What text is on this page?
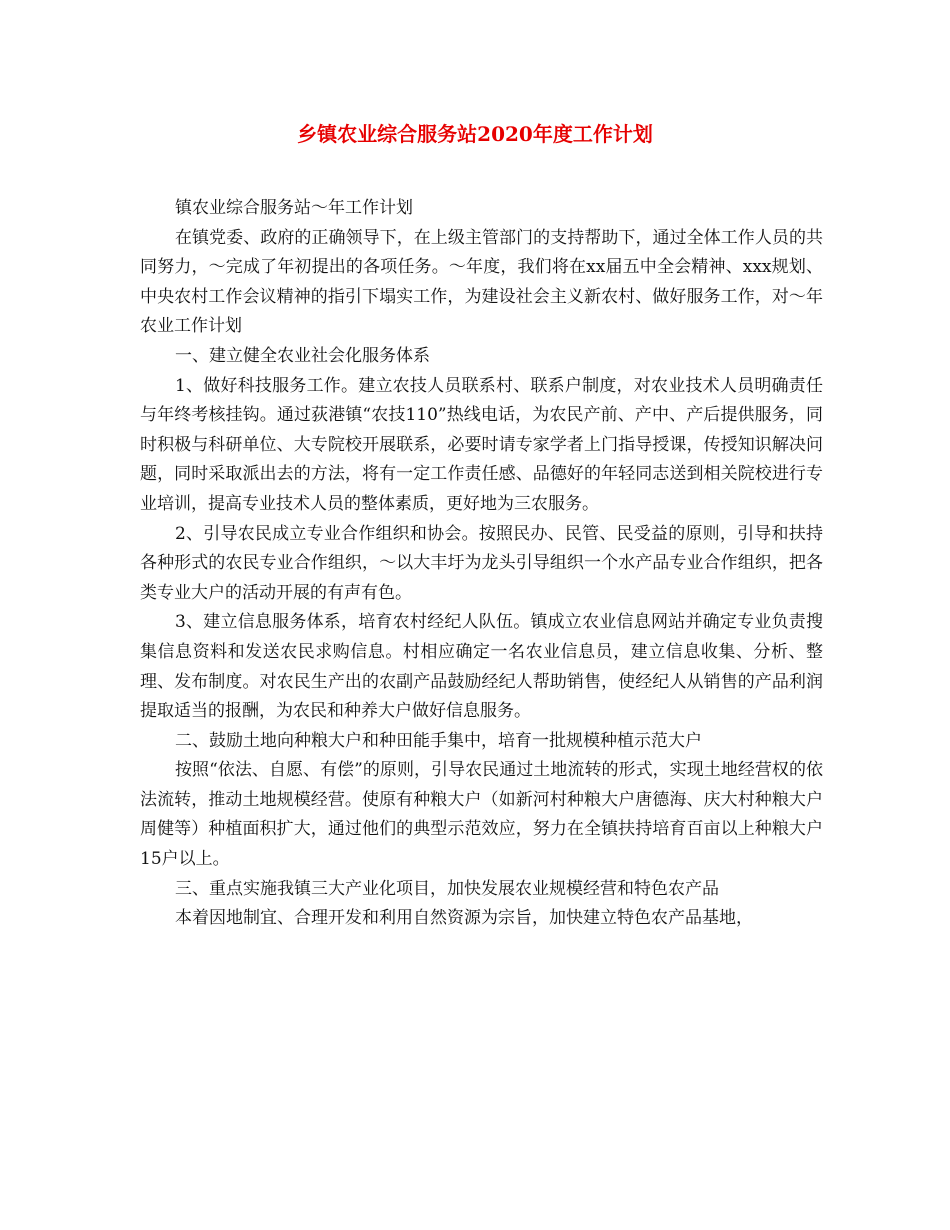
乡镇农业综合服务站2020年度工作计划

镇农业综合服务站～年工作计划

在镇党委、政府的正确领导下，在上级主管部门的支持帮助下，通过全体工作人员的共同努力，～完成了年初提出的各项任务。～年度，我们将在xx届五中全会精神、xxx规划、中央农村工作会议精神的指引下塌实工作，为建设社会主义新农村、做好服务工作，对～年农业工作计划

一、建立健全农业社会化服务体系

1、做好科技服务工作。建立农技人员联系村、联系户制度，对农业技术人员明确责任与年终考核挂钩。通过荻港镇“农技110”热线电话，为农民产前、产中、产后提供服务，同时积极与科研单位、大专院校开展联系，必要时请专家学者上门指导授课，传授知识解决问题，同时采取派出去的方法，将有一定工作责任感、品德好的年轻同志送到相关院校进行专业培训，提高专业技术人员的整体素质，更好地为三农服务。

2、引导农民成立专业合作组织和协会。按照民办、民管、民受益的原则，引导和扶持各种形式的农民专业合作组织，～以大丰圩为龙头引导组织一个水产品专业合作组织，把各类专业大户的活动开展的有声有色。

3、建立信息服务体系，培育农村经纪人队伍。镇成立农业信息网站并确定专业负责搜集信息资料和发送农民求购信息。村相应确定一名农业信息员，建立信息收集、分析、整理、发布制度。对农民生产出的农副产品鼓励经纪人帮助销售，使经纪人从销售的产品利润提取适当的报酬，为农民和种养大户做好信息服务。

二、鼓励土地向种粮大户和种田能手集中，培育一批规模种植示范大户

按照“依法、自愿、有偿”的原则，引导农民通过土地流转的形式，实现土地经营权的依法流转，推动土地规模经营。使原有种粮大户（如新河村种粮大户唐德海、庆大村种粮大户周健等）种植面积扩大，通过他们的典型示范效应，努力在全镇扶持培育百亩以上种粮大户15户以上。

三、重点实施我镇三大产业化项目，加快发展农业规模经营和特色农产品

本着因地制宜、合理开发和利用自然资源为宗旨，加快建立特色农产品基地，
